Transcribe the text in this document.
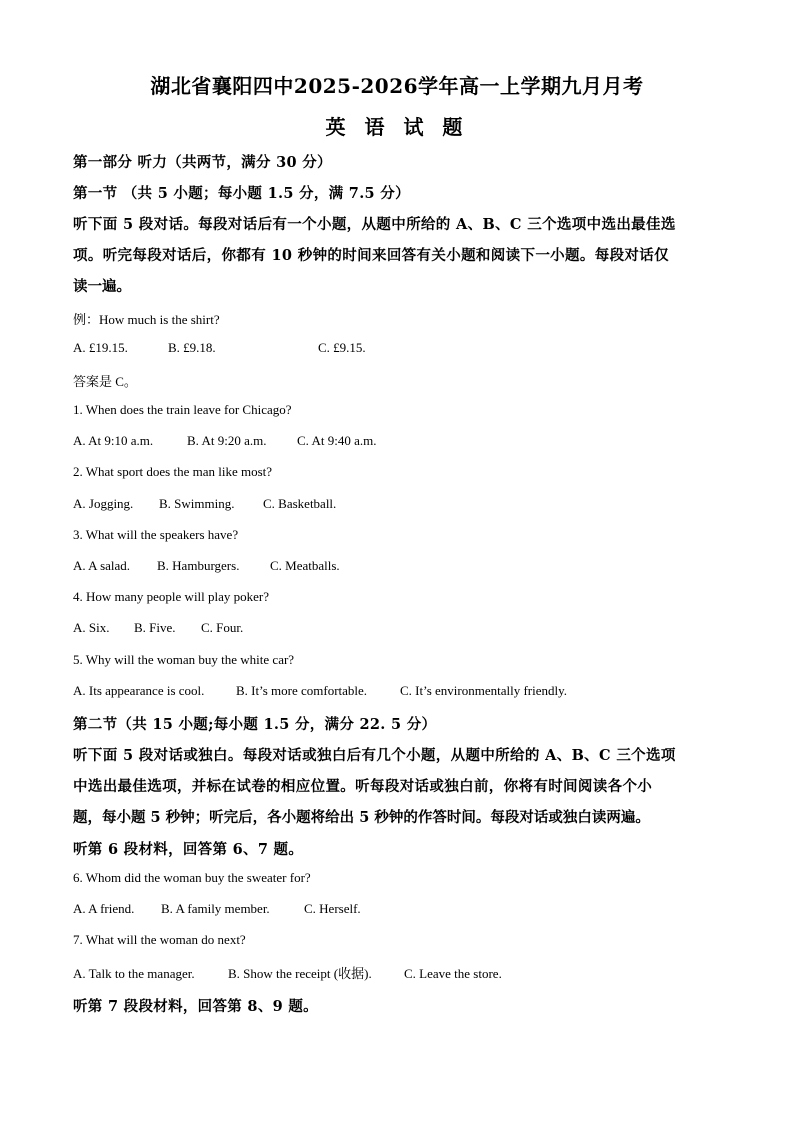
湖北省襄阳四中2025-2026学年高一上学期九月月考
英 语 试 题
第一部分 听力（共两节，满分 30 分）
第一节 （共 5 小题；每小题 1.5 分，满 7.5 分）
听下面 5 段对话。每段对话后有一个小题，从题中所给的 A、B、C 三个选项中选出最佳选
项。听完每段对话后，你都有 10 秒钟的时间来回答有关小题和阅读下一小题。每段对话仅
读一遍。
例：How much is the shirt?
A. £19.15.	B. £9.18.	C. £9.15.
答案是 C。
1. When does the train leave for Chicago?
A. At 9:10 a.m.	B. At 9:20 a.m. C. At 9:40 a.m.
2. What sport does the man like most?
A. Jogging. B. Swimming. C. Basketball.
3. What will the speakers have?
A. A salad. B. Hamburgers. C. Meatballs.
4. How many people will play poker?
A. Six. B. Five. C. Four.
5. Why will the woman buy the white car?
A. Its appearance is cool. B. It’s more comfortable.	C. It’s environmentally friendly.
第二节（共 15 小题;每小题 1.5 分，满分 22. 5 分）
听下面 5 段对话或独白。每段对话或独白后有几个小题，从题中所给的 A、B、C 三个选项
中选出最佳选项，并标在试卷的相应位置。听每段对话或独白前，你将有时间阅读各个小
题，每小题 5 秒钟；听完后，各小题将给出 5 秒钟的作答时间。每段对话或独白读两遍。
听第 6 段材料，回答第 6、7 题。
6. Whom did the woman buy the sweater for?
A. A friend. B. A family member.	C. Herself.
7. What will the woman do next?
A. Talk to the manager.	B. Show the receipt (收据). C. Leave the store.
听第 7 段段材料，回答第 8、9 题。
